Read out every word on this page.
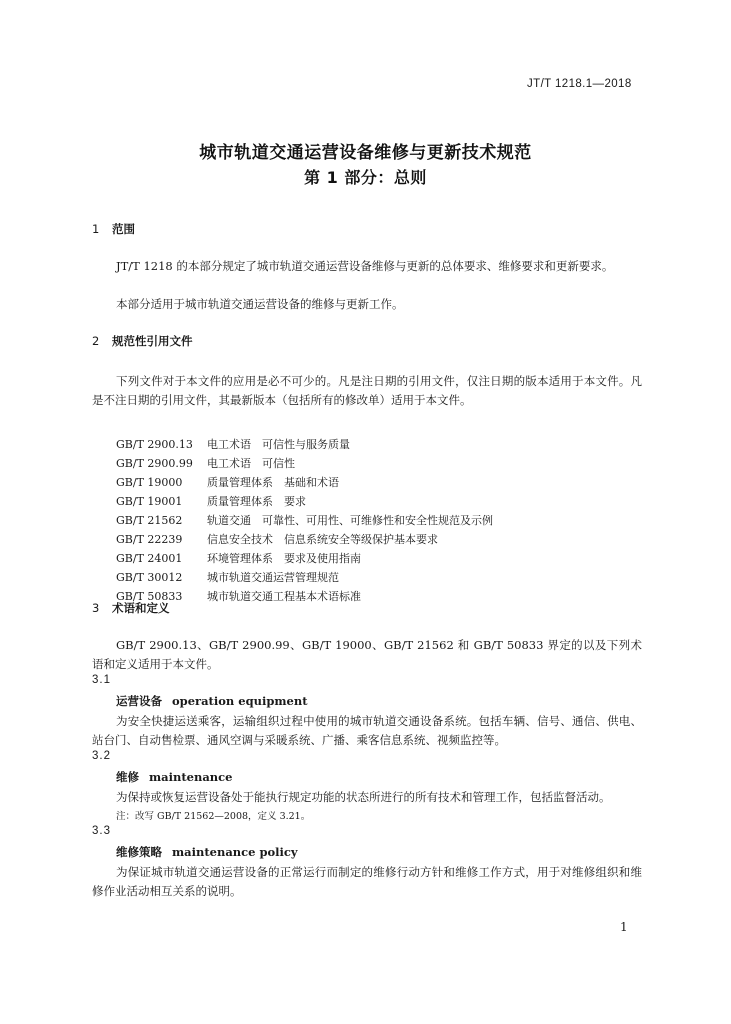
JT/T 1218.1—2018
城市轨道交通运营设备维修与更新技术规范
第 1 部分：总则
1 范围
JT/T 1218 的本部分规定了城市轨道交通运营设备维修与更新的总体要求、维修要求和更新要求。
本部分适用于城市轨道交通运营设备的维修与更新工作。
2 规范性引用文件
下列文件对于本文件的应用是必不可少的。凡是注日期的引用文件，仅注日期的版本适用于本文件。凡是不注日期的引用文件，其最新版本（包括所有的修改单）适用于本文件。
GB/T 2900.13 电工术语　可信性与服务质量
GB/T 2900.99 电工术语　可信性
GB/T 19000 质量管理体系　基础和术语
GB/T 19001 质量管理体系　要求
GB/T 21562 轨道交通　可靠性、可用性、可维修性和安全性规范及示例
GB/T 22239 信息安全技术　信息系统安全等级保护基本要求
GB/T 24001 环境管理体系　要求及使用指南
GB/T 30012 城市轨道交通运营管理规范
GB/T 50833 城市轨道交通工程基本术语标准
3 术语和定义
GB/T 2900.13、GB/T 2900.99、GB/T 19000、GB/T 21562 和 GB/T 50833 界定的以及下列术语和定义适用于本文件。
3.1
运营设备 operation equipment
为安全快捷运送乘客，运输组织过程中使用的城市轨道交通设备系统。包括车辆、信号、通信、供电、站台门、自动售检票、通风空调与采暖系统、广播、乘客信息系统、视频监控等。
3.2
维修 maintenance
为保持或恢复运营设备处于能执行规定功能的状态所进行的所有技术和管理工作，包括监督活动。
注：改写 GB/T 21562—2008，定义 3.21。
3.3
维修策略 maintenance policy
为保证城市轨道交通运营设备的正常运行而制定的维修行动方针和维修工作方式，用于对维修组织和维修作业活动相互关系的说明。
1
